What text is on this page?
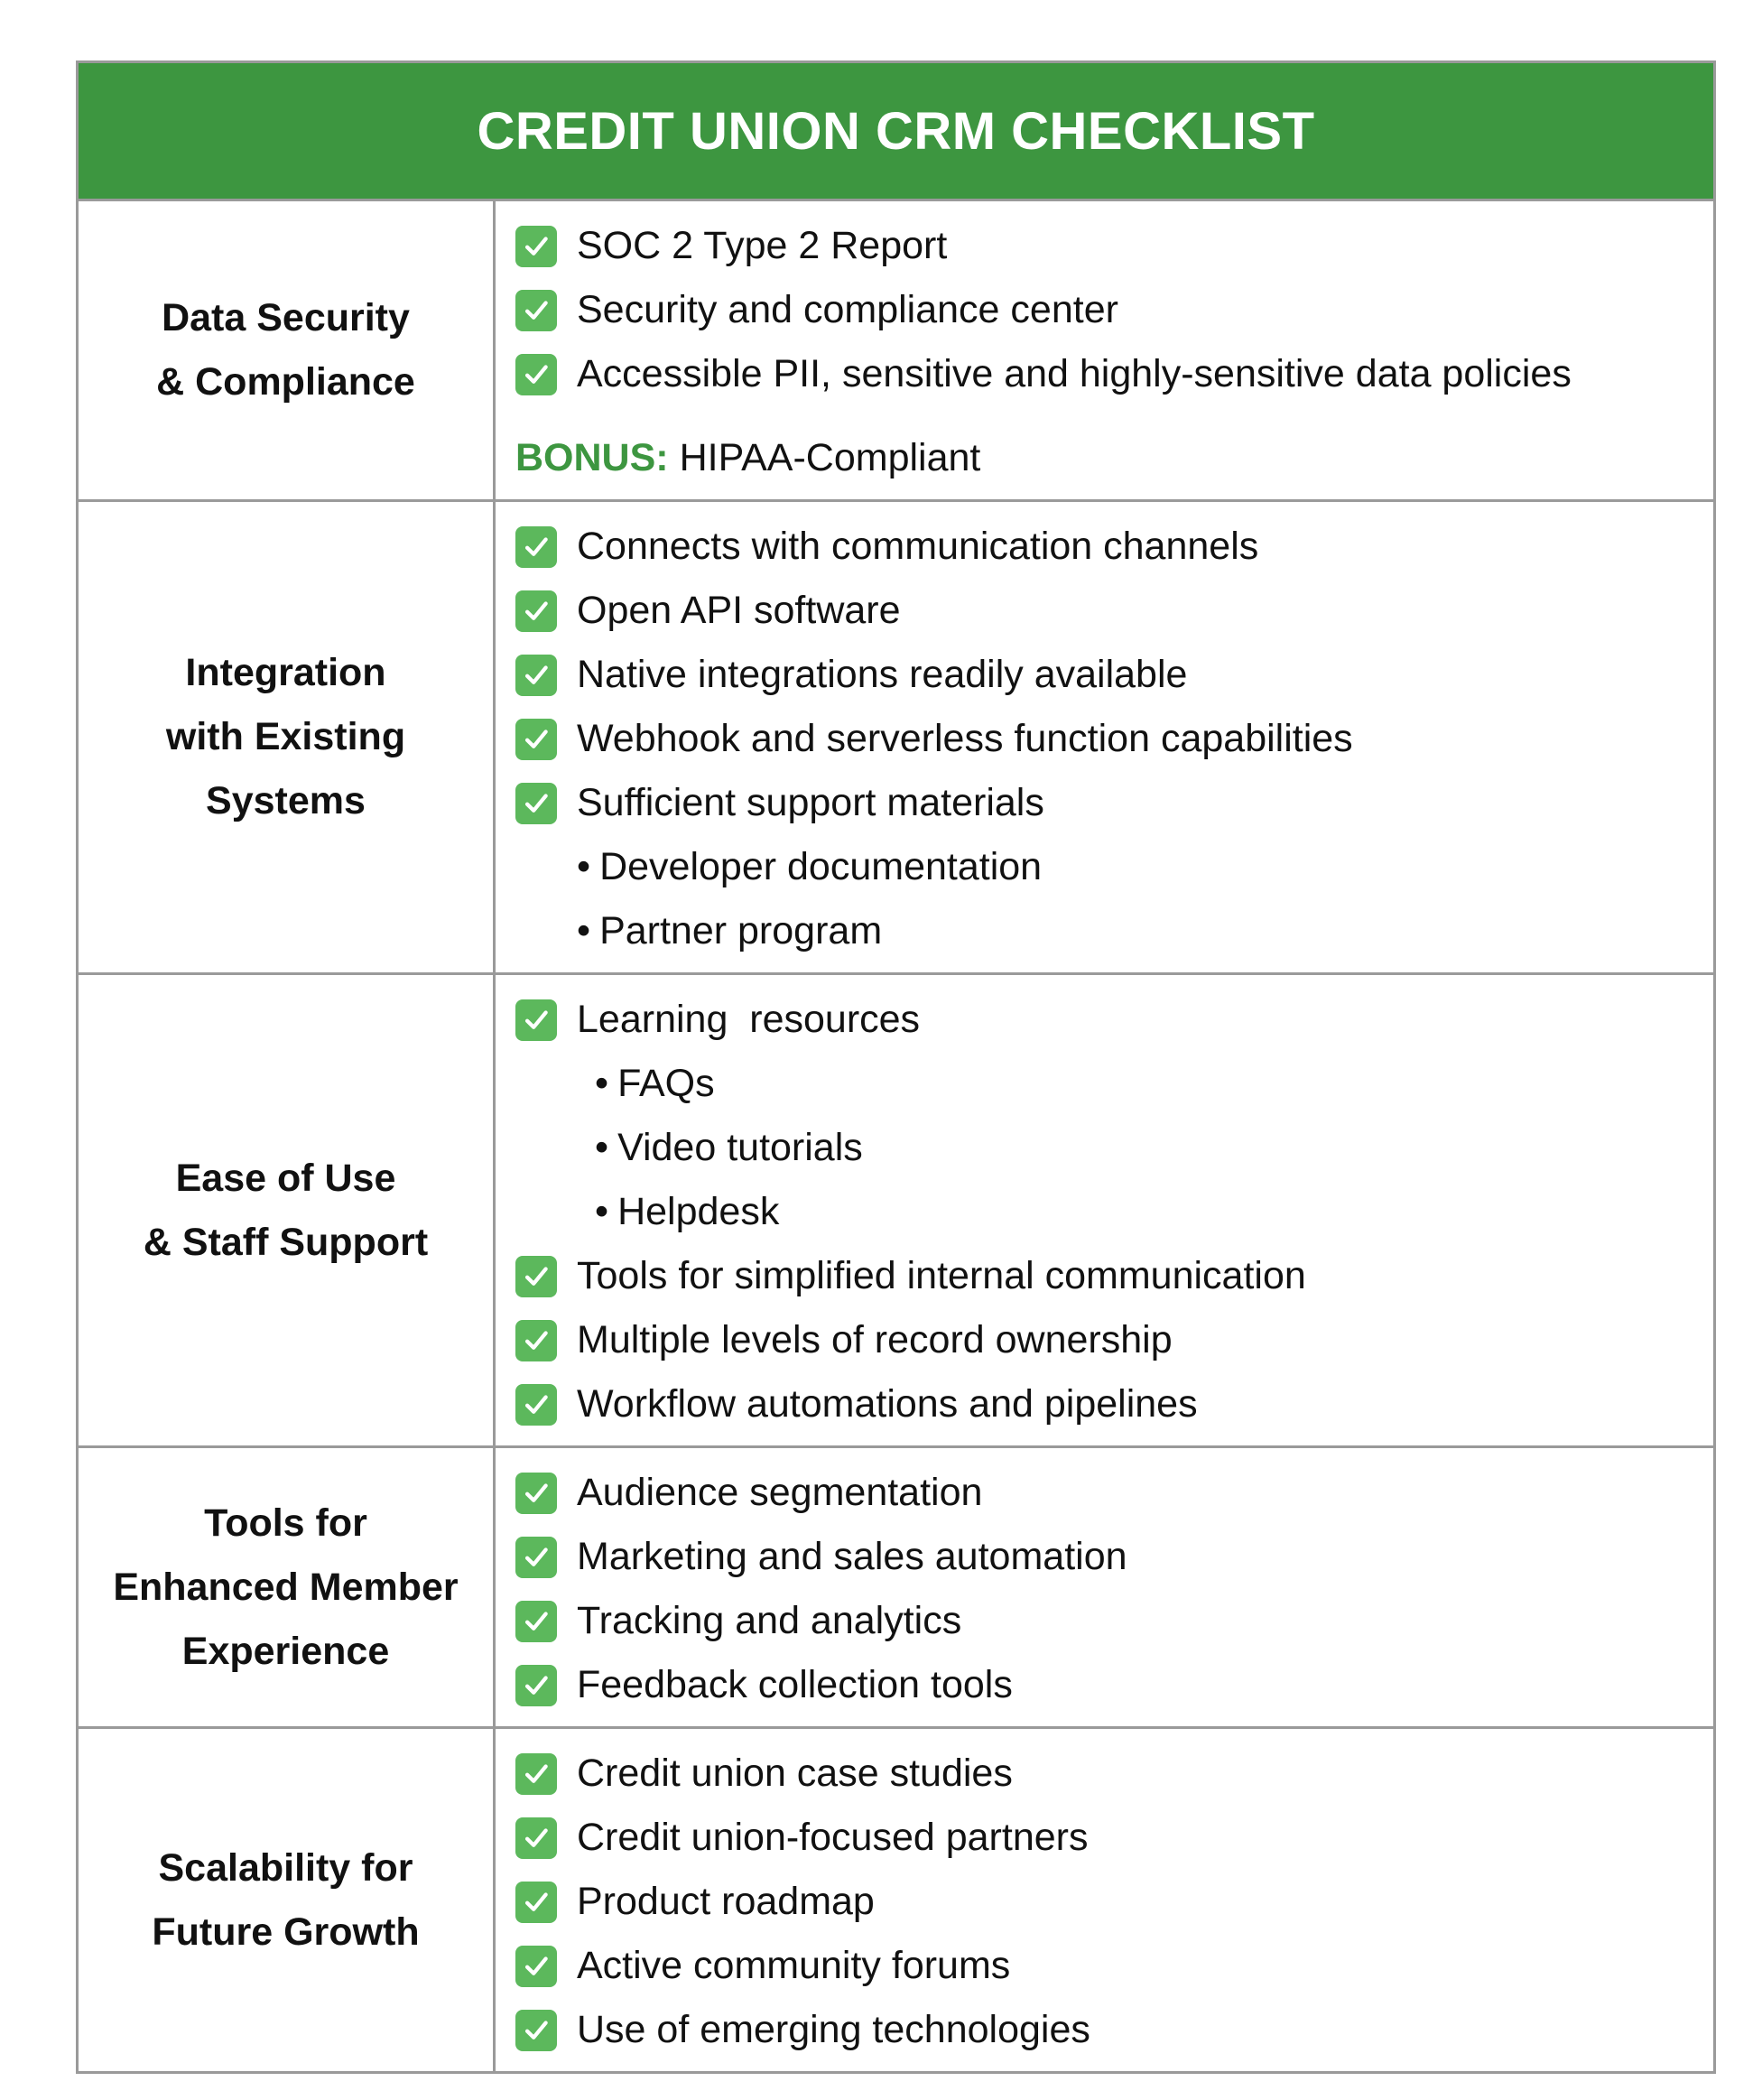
CREDIT UNION CRM CHECKLIST
Data Security
& Compliance
SOC 2 Type 2 Report
Security and compliance center
Accessible PII, sensitive and highly-sensitive data policies
BONUS: HIPAA-Compliant
Integration
with Existing
Systems
Connects with communication channels
Open API software
Native integrations readily available
Webhook and serverless function capabilities
Sufficient support materials
• Developer documentation
• Partner program
Ease of Use
& Staff Support
Learning  resources
• FAQs
• Video tutorials
• Helpdesk
Tools for simplified internal communication
Multiple levels of record ownership
Workflow automations and pipelines
Tools for
Enhanced Member
Experience
Audience segmentation
Marketing and sales automation
Tracking and analytics
Feedback collection tools
Scalability for
Future Growth
Credit union case studies
Credit union-focused partners
Product roadmap
Active community forums
Use of emerging technologies
